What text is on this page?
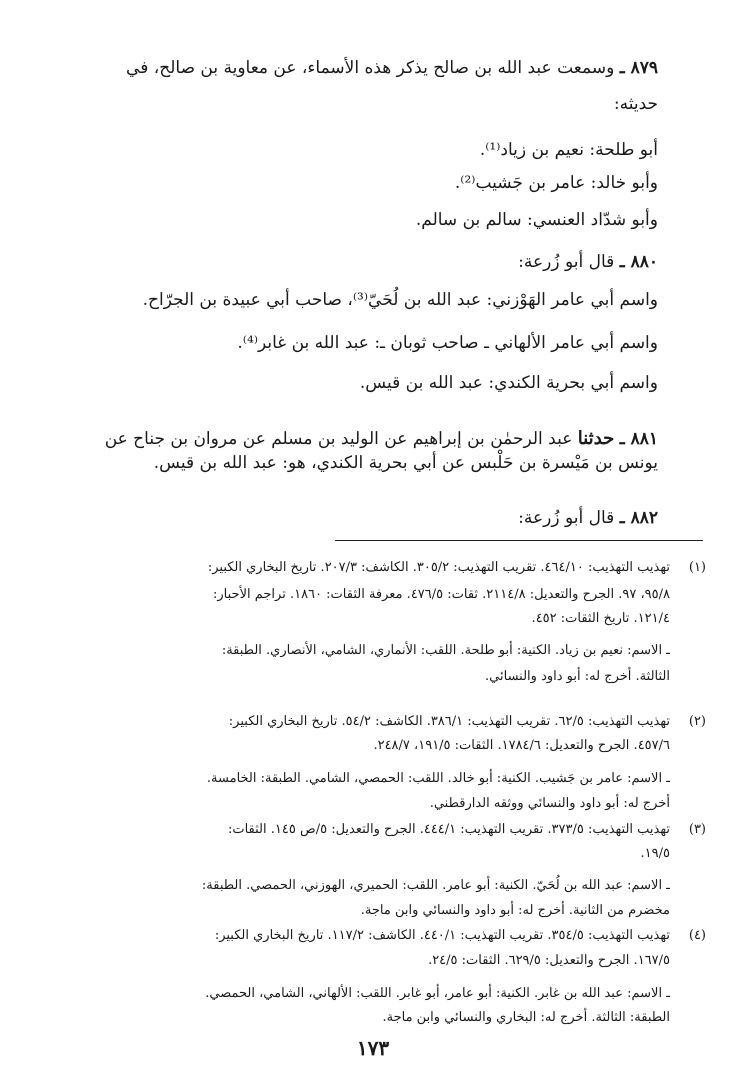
٨٧٩ ـ وسمعت عبد الله بن صالح يذكر هذه الأسماء، عن معاوية بن صالح، في
حديثه:
أبو طلحة: نعيم بن زياد⁽¹⁾.
وأبو خالد: عامر بن جَشيب⁽²⁾.
وأبو شدّاد العنسي: سالم بن سالم.
٨٨٠ ـ قال أبو زُرعة:
واسم أبي عامر الهَوْزني: عبد الله بن لُحَيّ⁽³⁾، صاحب أبي عبيدة بن الجرّاح.
واسم أبي عامر الألهاني ـ صاحب ثوبان ـ: عبد الله بن غابر⁽⁴⁾.
واسم أبي بحرية الكندي: عبد الله بن قيس.
٨٨١ ـ حدثنا عبد الرحمٰن بن إبراهيم عن الوليد بن مسلم عن مروان بن جناح عن
يونس بن مَيْسرة بن حَلْبس عن أبي بحرية الكندي، هو: عبد الله بن قيس.
٨٨٢ ـ قال أبو زُرعة:
(١)
تهذيب التهذيب: ٤٦٤/١٠. تقريب التهذيب: ٣٠٥/٢. الكاشف: ٢٠٧/٣. تاريخ البخاري الكبير:
٩٥/٨، ٩٧. الجرح والتعديل: ٢١١٤/٨. ثقات: ٤٧٦/٥. معرفة الثقات: ١٨٦٠. تراجم الأحبار:
١٢١/٤. تاريخ الثقات: ٤٥٢.
ـ الاسم: نعيم بن زياد. الكنية: أبو طلحة. اللقب: الأنماري، الشامي، الأنصاري. الطبقة:
الثالثة. أخرج له: أبو داود والنسائي.
(٢)
تهذيب التهذيب: ٦٢/٥. تقريب التهذيب: ٣٨٦/١. الكاشف: ٥٤/٢. تاريخ البخاري الكبير:
٤٥٧/٦. الجرح والتعديل: ١٧٨٤/٦. الثقات: ١٩١/٥، ٢٤٨/٧.
ـ الاسم: عامر بن جَشيب. الكنية: أبو خالد. اللقب: الحمصي، الشامي. الطبقة: الخامسة.
أخرج له: أبو داود والنسائي ووثقه الدارقطني.
(٣)
تهذيب التهذيب: ٣٧٣/٥. تقريب التهذيب: ٤٤٤/١. الجرح والتعديل: ٥/ص ١٤٥. الثقات:
١٩/٥.
ـ الاسم: عبد الله بن لُحَيّ. الكنية: أبو عامر. اللقب: الحميري، الهوزني، الحمصي. الطبقة:
مخضرم من الثانية. أخرج له: أبو داود والنسائي وابن ماجة.
(٤)
تهذيب التهذيب: ٣٥٤/٥. تقريب التهذيب: ٤٤٠/١. الكاشف: ١١٧/٢. تاريخ البخاري الكبير:
١٦٧/٥. الجرح والتعديل: ٦٢٩/٥. الثقات: ٢٤/٥.
ـ الاسم: عبد الله بن غابر. الكنية: أبو عامر، أبو غابر. اللقب: الألهاني، الشامي، الحمصي.
الطبقة: الثالثة. أخرج له: البخاري والنسائي وابن ماجة.
١٧٣
